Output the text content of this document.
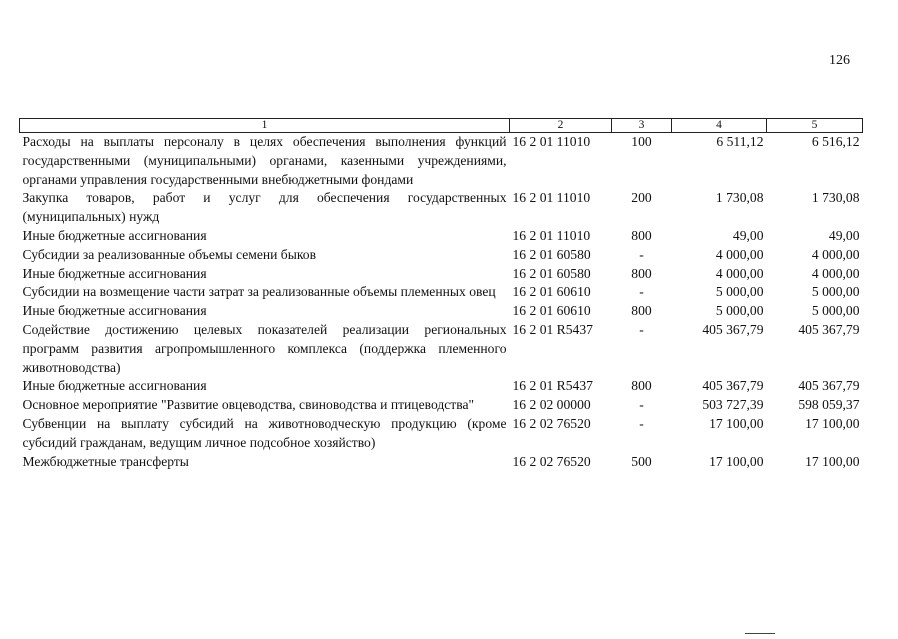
126
1	2	3	4	5
Расходы на выплаты персоналу в целях обеспечения выполнения функций государственными (муниципальными) органами, казенными учреждениями, органами управления государственными внебюджетными фондами	16 2 01 11010	100	6 511,12	6 516,12
Закупка товаров, работ и услуг для обеспечения государственных (муниципальных) нужд	16 2 01 11010	200	1 730,08	1 730,08
Иные бюджетные ассигнования	16 2 01 11010	800	49,00	49,00
Субсидии за реализованные объемы семени быков	16 2 01 60580	-	4 000,00	4 000,00
Иные бюджетные ассигнования	16 2 01 60580	800	4 000,00	4 000,00
Субсидии на возмещение части затрат за реализованные объемы племенных овец	16 2 01 60610	-	5 000,00	5 000,00
Иные бюджетные ассигнования	16 2 01 60610	800	5 000,00	5 000,00
Содействие достижению целевых показателей реализации региональных программ развития агропромышленного комплекса (поддержка племенного животноводства)	16 2 01 R5437	-	405 367,79	405 367,79
Иные бюджетные ассигнования	16 2 01 R5437	800	405 367,79	405 367,79
Основное мероприятие "Развитие овцеводства, свиноводства и птицеводства"	16 2 02 00000	-	503 727,39	598 059,37
Субвенции на выплату субсидий на животноводческую продукцию (кроме субсидий гражданам, ведущим личное подсобное хозяйство)	16 2 02 76520	-	17 100,00	17 100,00
Межбюджетные трансферты	16 2 02 76520	500	17 100,00	17 100,00
